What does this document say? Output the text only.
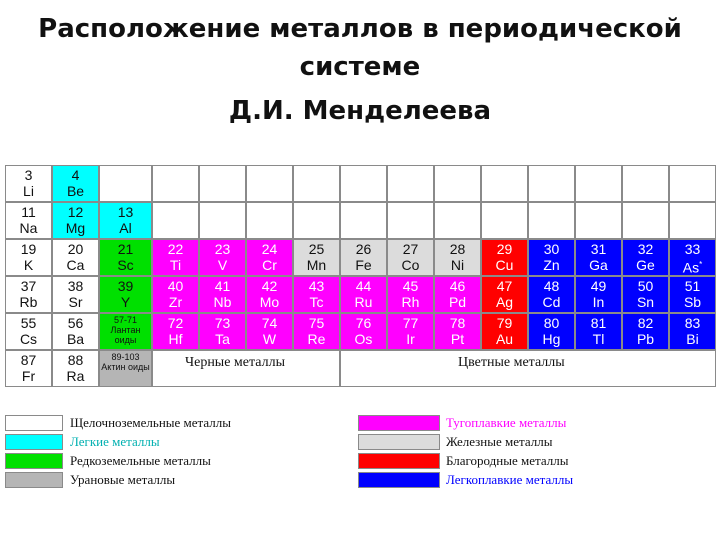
Расположение металлов в периодической
системе
Д.И. Менделеева
3
Li
4
Be
11
Na
12
Mg
13
Al
19
K
20
Ca
21
Sc
22
Ti
23
V
24
Cr
25
Mn
26
Fe
27
Co
28
Ni
29
Cu
30
Zn
31
Ga
32
Ge
33
As*
37
Rb
38
Sr
39
Y
40
Zr
41
Nb
42
Mo
43
Tc
44
Ru
45
Rh
46
Pd
47
Ag
48
Cd
49
In
50
Sn
51
Sb
55
Cs
56
Ba
57-71
Лантан оиды
72
Hf
73
Ta
74
W
75
Re
76
Os
77
Ir
78
Pt
79
Au
80
Hg
81
Tl
82
Pb
83
Bi
87
Fr
88
Ra
89-103
Актин оиды
Щелочноземельные металлы
Легкие металлы
Редкоземельные металлы
Урановые металлы
Тугоплавкие металлы
Железные металлы
Благородные металлы
Легкоплавкие металлы
Черные металлы	Цветные металлы
